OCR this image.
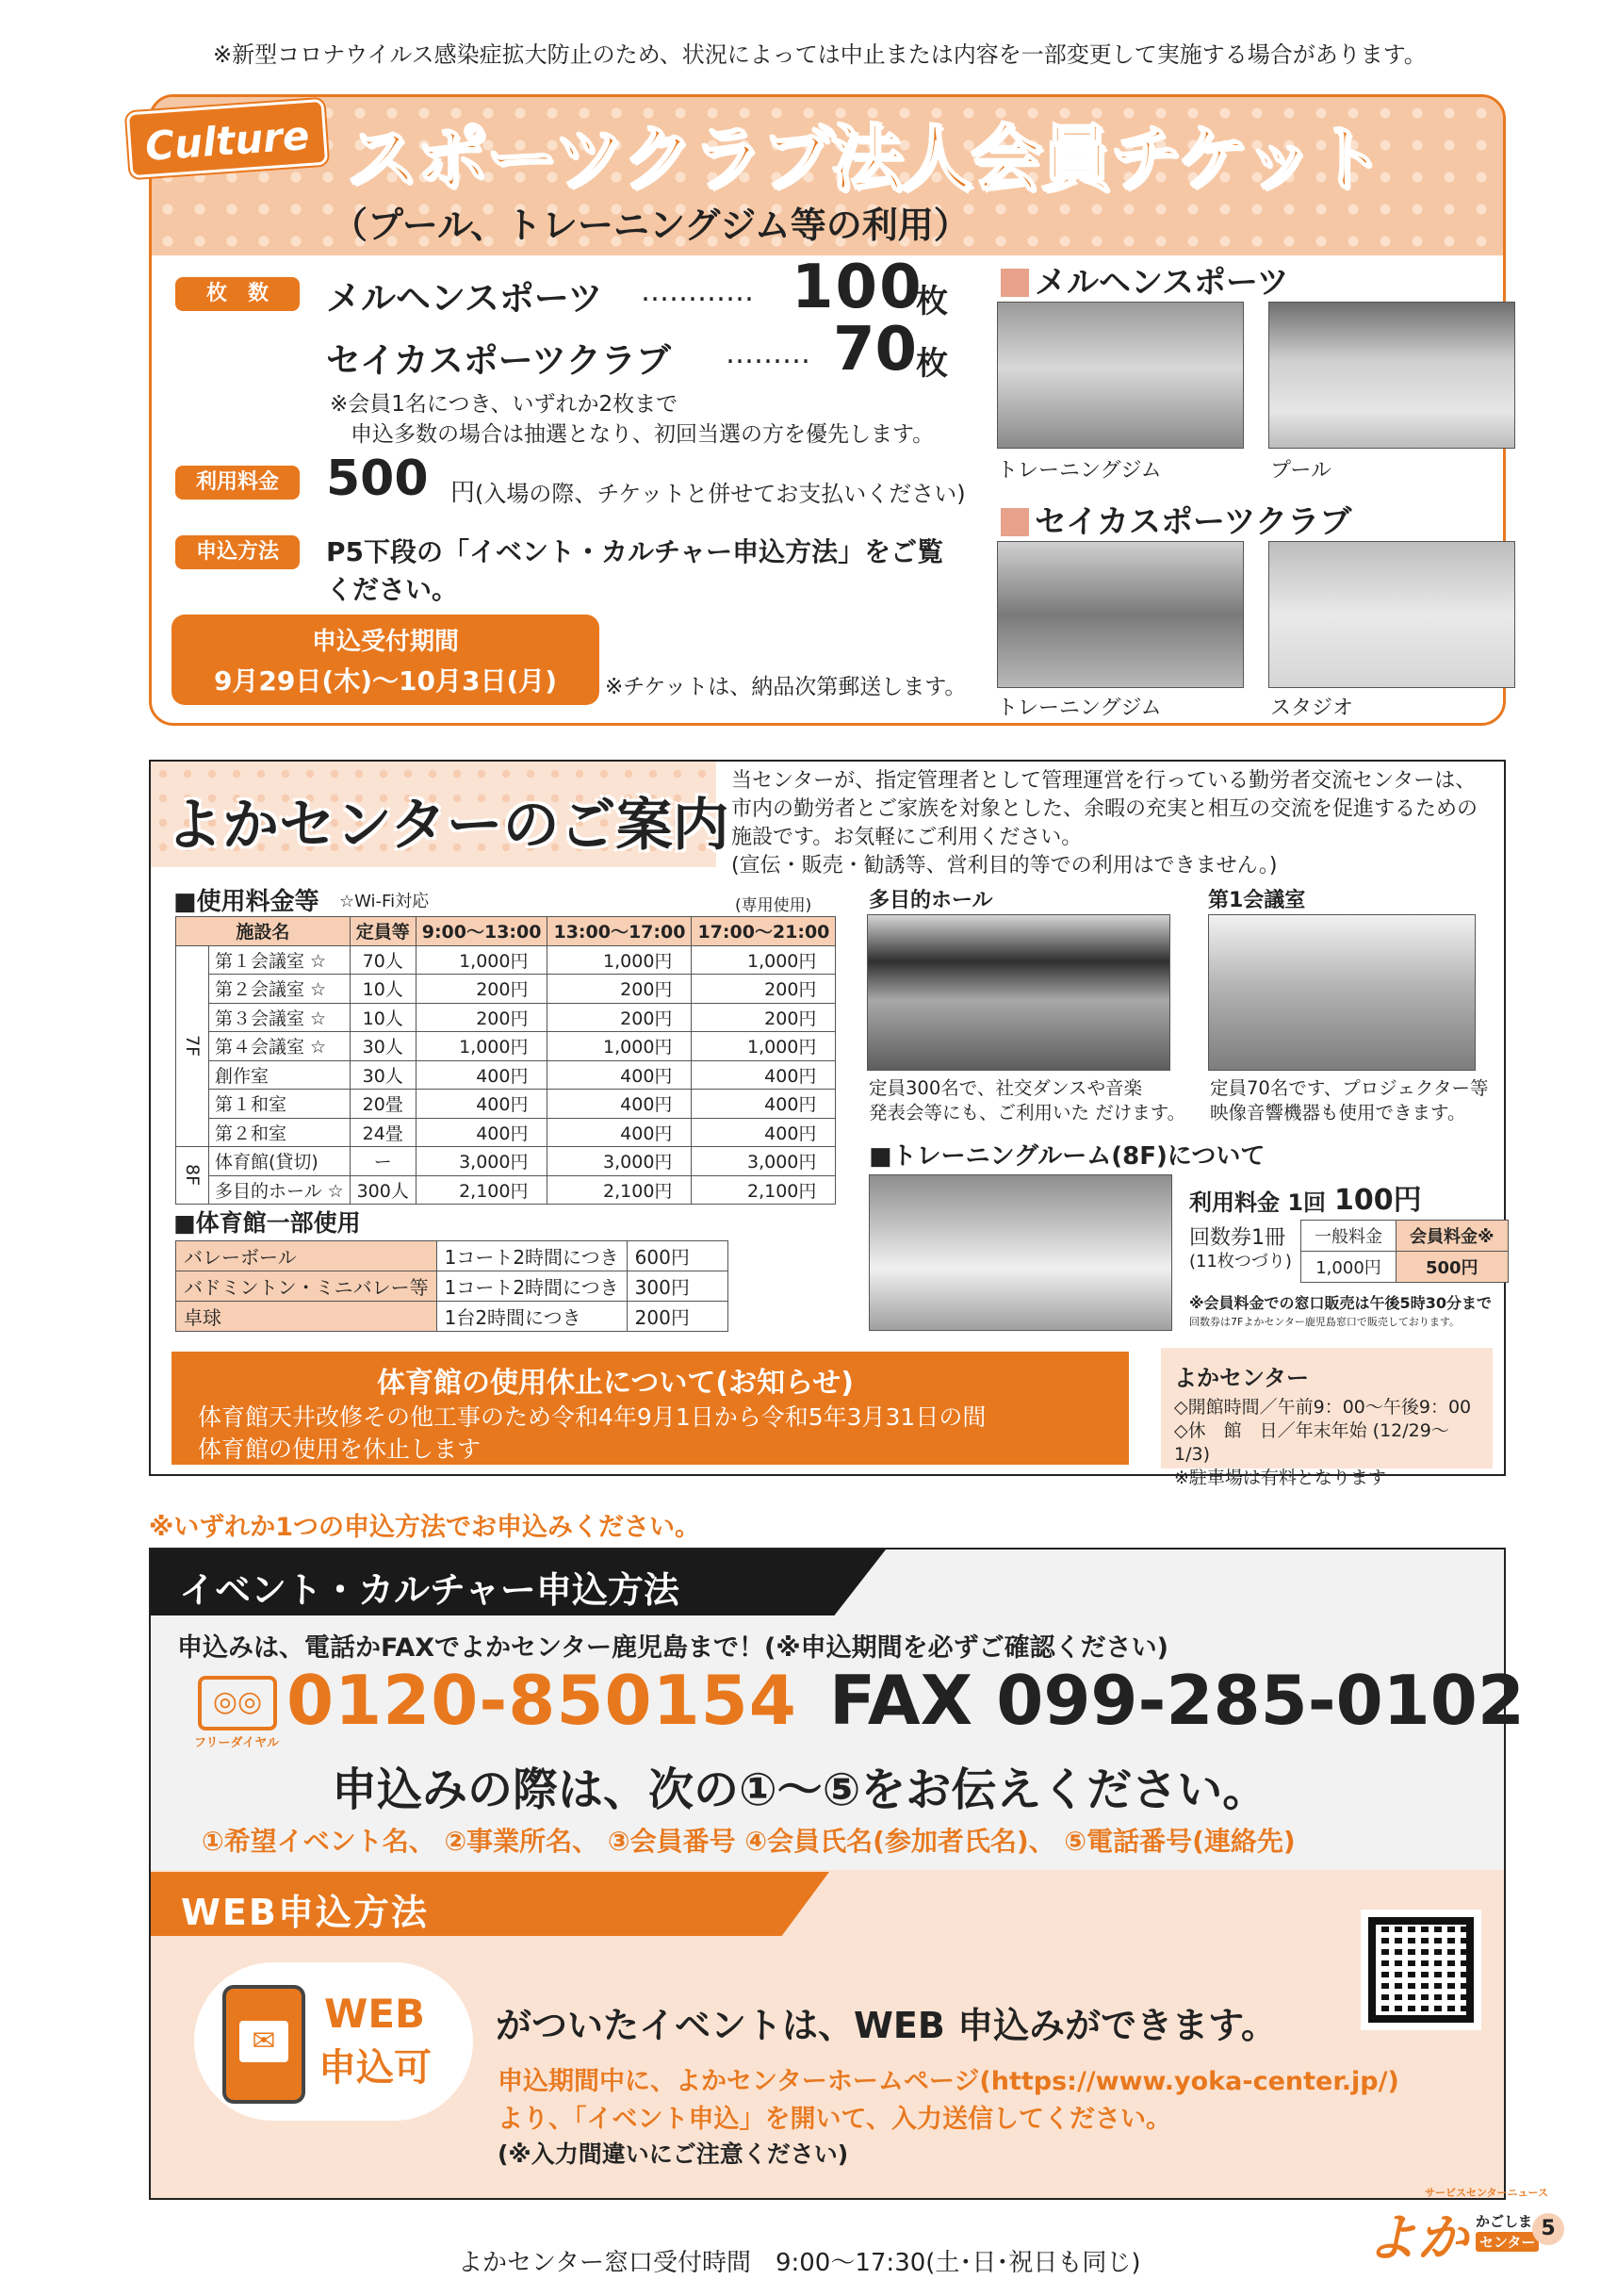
※新型コロナウイルス感染症拡大防止のため、状況によっては中止または内容を一部変更して実施する場合があります。
Culture スポーツクラブ法人会員チケット
（プール、トレーニングジム等の利用）
枚　数	メルヘンスポーツ ………… 100
枚
セイカスポーツクラブ ……… 70
枚
※会員1名につき、いずれか2枚まで
申込多数の場合は抽選となり、初回当選の方を優先します。
利用料金 500 円 (入場の際、チケットと併せてお支払いください)
申込方法	P5下段の「イベント・カルチャー申込方法」をご覧
ください。
申込受付期間
9月29日(木)～10月3日(月)	※チケットは、納品次第郵送します。
メルヘンスポーツ
トレーニングジム	プール
セイカスポーツクラブ
トレーニングジム	スタジオ
よかセンターのご案内
当センターが、指定管理者として管理運営を行っている勤労者交流センターは、
市内の勤労者とご家族を対象とした、余暇の充実と相互の交流を促進するための
施設です。お気軽にご利用ください。
(宣伝・販売・勧誘等、営利目的等での利用はできません。)
■使用料金等 ☆Wi-Fi対応	(専用使用)
施設名		定員等	9:00～13:00	13:00～17:00	17:00～21:00
7F	第１会議室 ☆	70人	1,000円	1,000円	1,000円
	第２会議室 ☆	10人	200円	200円	200円
	第３会議室 ☆	10人	200円	200円	200円
	第４会議室 ☆	30人	1,000円	1,000円	1,000円
	創作室	30人	400円	400円	400円
	第１和室	20畳	400円	400円	400円
	第２和室	24畳	400円	400円	400円
8F	体育館(貸切)	ー	3,000円	3,000円	3,000円
	多目的ホール ☆	300人	2,100円	2,100円	2,100円
■体育館一部使用
バレーボール	1コート2時間につき	600円
バドミントン・ミニバレー等	1コート2時間につき	300円
卓球	1台2時間につき	200円
多目的ホール
定員300名で、社交ダンスや音楽
発表会等にも、ご利用いた だけます。
第1会議室
定員70名です、プロジェクター等
映像音響機器も使用できます。
■トレーニングルーム(8F)について
利用料金 1回 100円
回数券1冊
(11枚つづり)
一般料金	会員料金※
1,000円	500円
※会員料金での窓口販売は午後5時30分まで
回数券は7Fよかセンター鹿児島窓口で販売しております。
体育館の使用休止について(お知らせ)
体育館天井改修その他工事のため令和4年9月1日から令和5年3月31日の間
体育館の使用を休止します
よかセンター
◇開館時間／午前9：00～午後9：00
◇休　館　日／年末年始 (12/29～1/3)
※駐車場は有料となります
※いずれか1つの申込方法でお申込みください。
イベント・カルチャー申込方法
申込みは、電話かFAXでよかセンター鹿児島まで！(※申込期間を必ずご確認ください)
◎◎
フリーダイヤル
0120-850154 FAX 099-285-0102
申込みの際は、次の①～⑤をお伝えください。
①希望イベント名、 ②事業所名、 ③会員番号 ④会員氏名(参加者氏名)、 ⑤電話番号(連絡先)
WEB申込方法
✉
WEB
申込可
がついたイベントは、WEB 申込みができます。
申込期間中に、よかセンターホームページ(https://www.yoka-center.jp/)
より、「イベント申込」を開いて、入力送信してください。
(※入力間違いにご注意ください)
よかセンター窓口受付時間　9:00～17:30(土･日･祝日も同じ)
サービスセンターニュース
よか かごしま
センター
5
